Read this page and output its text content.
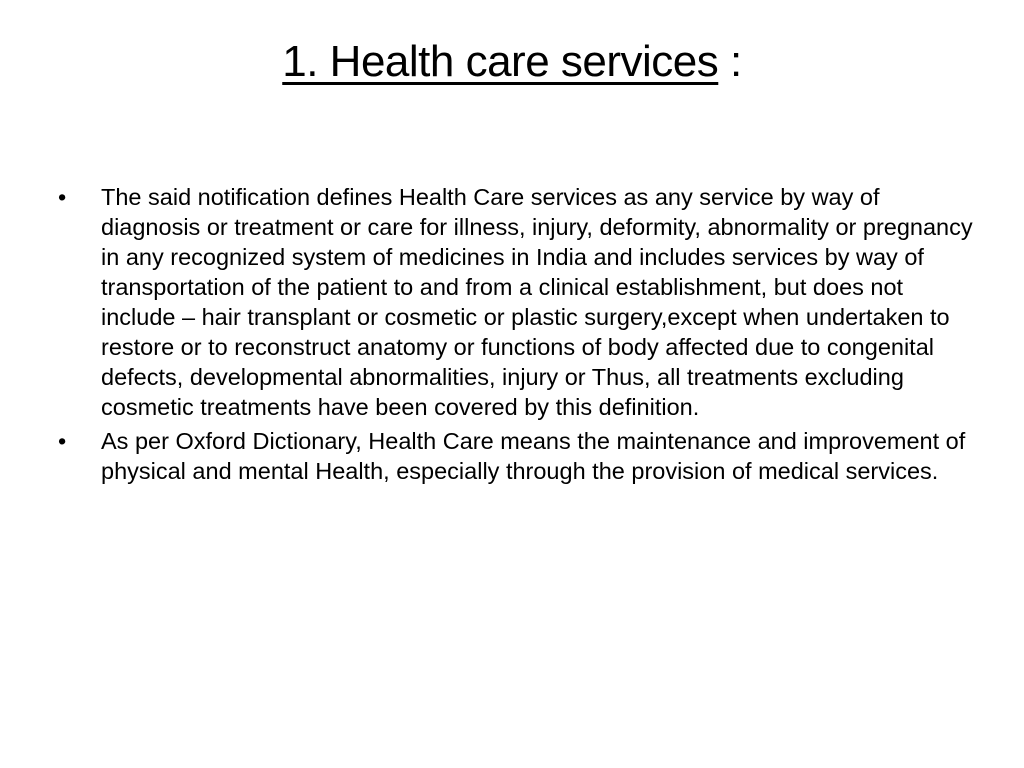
1. Health care services :
•	The said notification defines Health Care services as any service by way of diagnosis or treatment or care for illness, injury, deformity, abnormality or pregnancy in any recognized system of medicines in India and includes services by way of transportation of the patient to and from a clinical establishment, but does not include – hair transplant or cosmetic or plastic surgery,except when undertaken to restore or to reconstruct anatomy or functions of body affected due to congenital defects, developmental abnormalities, injury or Thus, all treatments excluding cosmetic treatments have been covered by this definition.
•	As per Oxford Dictionary, Health Care means the maintenance and improvement of physical and mental Health, especially through the provision of medical services.
